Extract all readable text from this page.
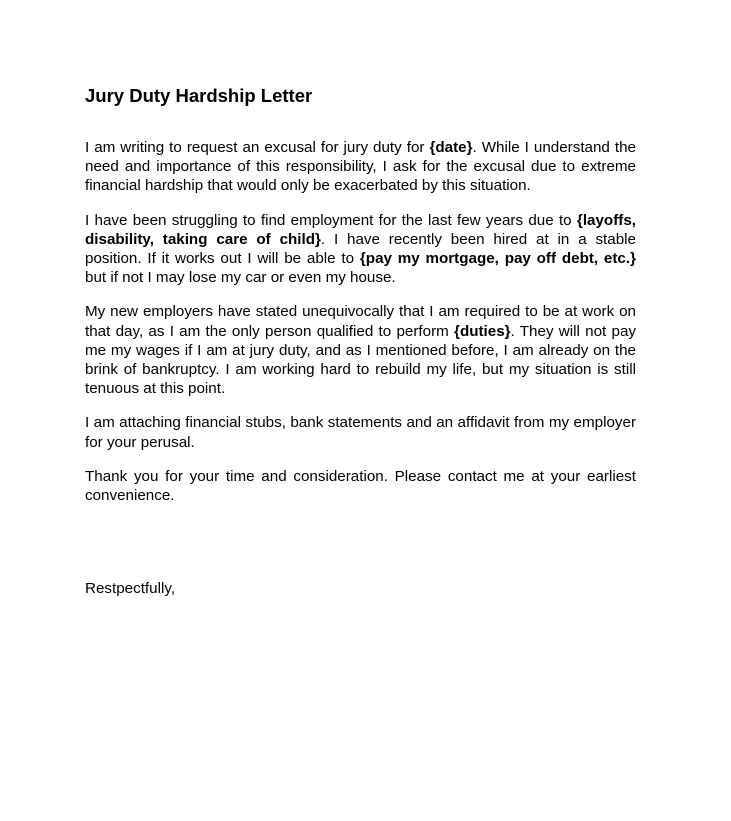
Jury Duty Hardship Letter

I am writing to request an excusal for jury duty for {date}. While I understand the need and importance of this responsibility, I ask for the excusal due to extreme financial hardship that would only be exacerbated by this situation.

I have been struggling to find employment for the last few years due to {layoffs, disability, taking care of child}. I have recently been hired at in a stable position. If it works out I will be able to {pay my mortgage, pay off debt, etc.} but if not I may lose my car or even my house.

My new employers have stated unequivocally that I am required to be at work on that day, as I am the only person qualified to perform {duties}. They will not pay me my wages if I am at jury duty, and as I mentioned before, I am already on the brink of bankruptcy. I am working hard to rebuild my life, but my situation is still tenuous at this point.

I am attaching financial stubs, bank statements and an affidavit from my employer for your perusal.

Thank you for your time and consideration. Please contact me at your earliest convenience.

Restpectfully,
